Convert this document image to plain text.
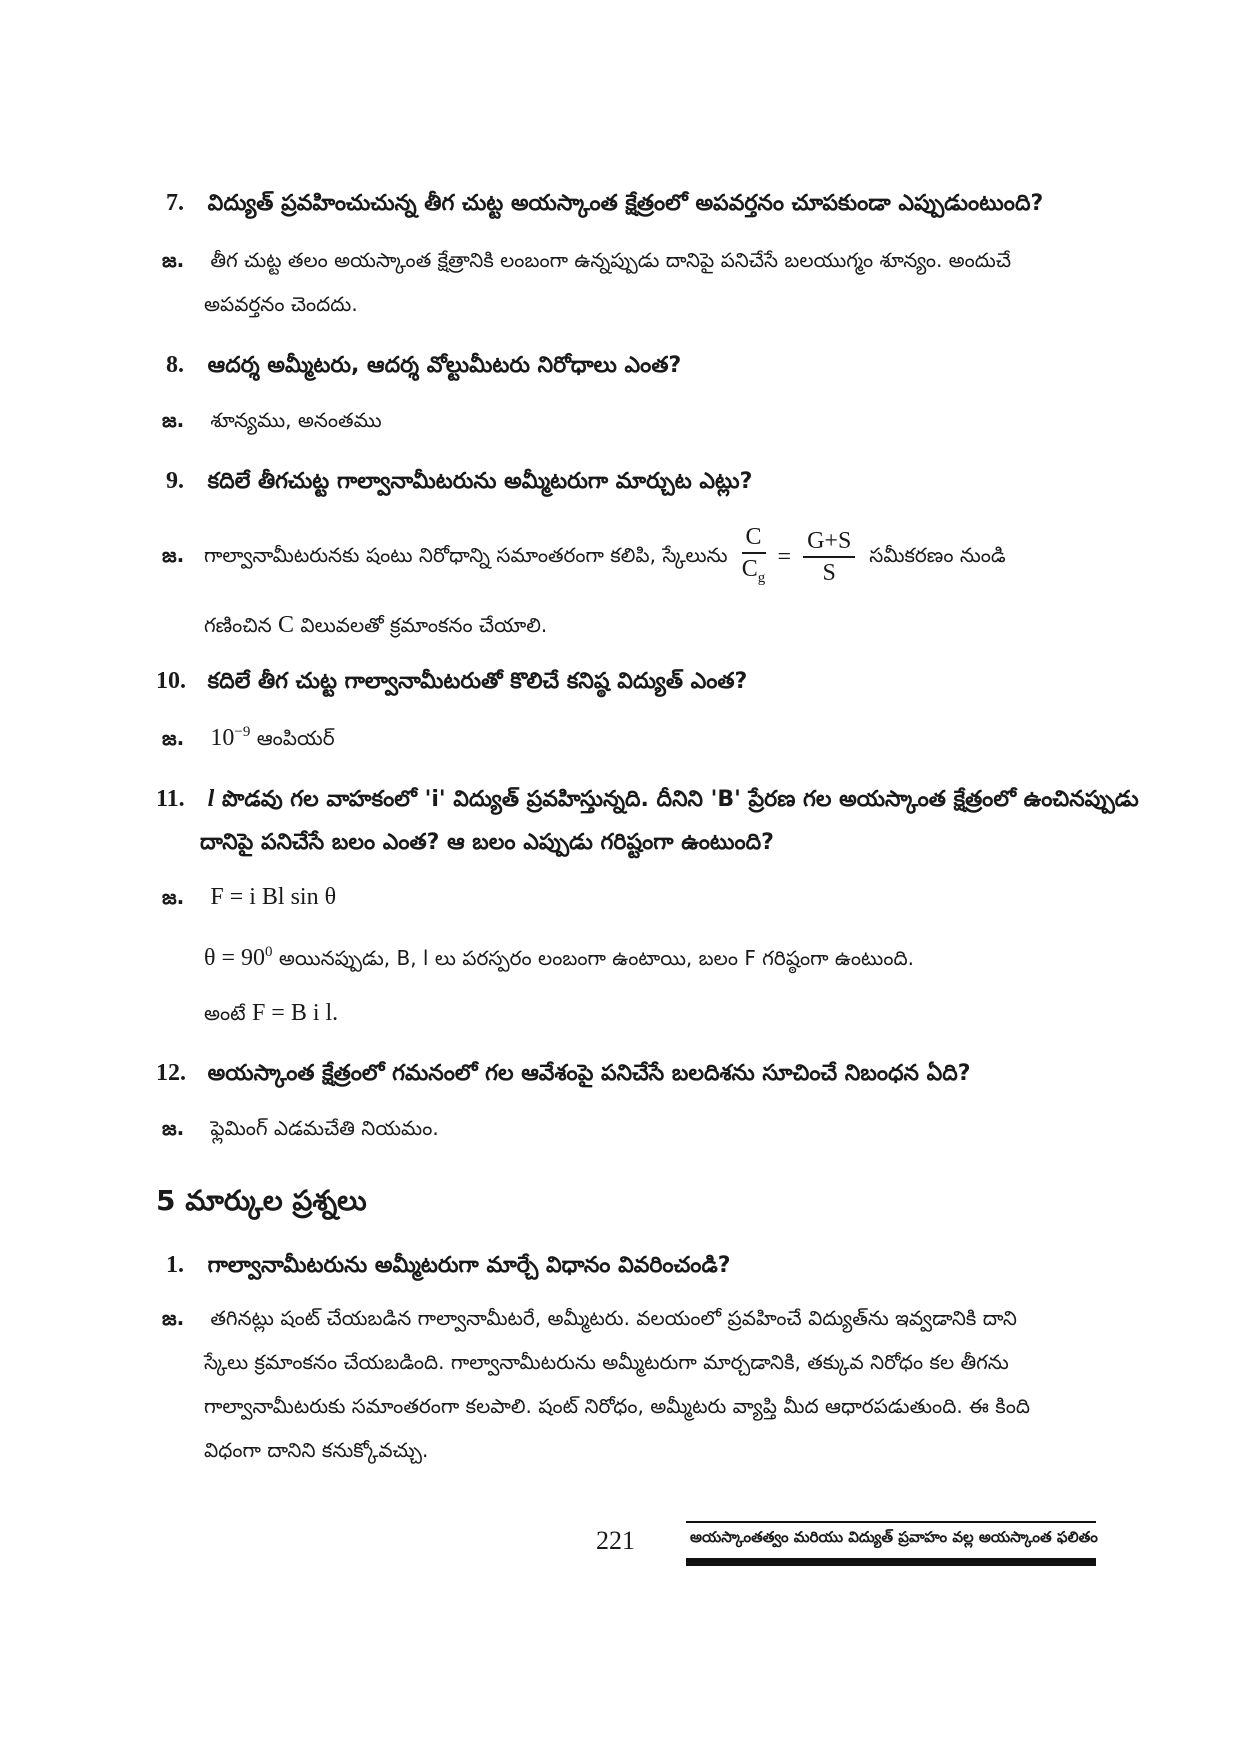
7. విద్యుత్ ప్రవహించుచున్న తీగ చుట్ట అయస్కాంత క్షేత్రంలో అపవర్తనం చూపకుండా ఎప్పుడుంటుంది?
జ. తీగ చుట్ట తలం అయస్కాంత క్షేత్రానికి లంబంగా ఉన్నప్పుడు దానిపై పనిచేసే బలయుగ్మం శూన్యం. అందుచే
అపవర్తనం చెందదు.
8. ఆదర్శ అమ్మీటరు, ఆదర్శ వోల్టుమీటరు నిరోధాలు ఎంత?
జ. శూన్యము, అనంతము
9. కదిలే తీగచుట్ట గాల్వానామీటరును అమ్మీటరుగా మార్చుట ఎట్లు?
జ. గాల్వానామీటరునకు షంటు నిరోధాన్ని సమాంతరంగా కలిపి, స్కేలును $\frac{C}{C_g} = \frac{G+S}{S}$ సమీకరణం నుండి
గణించిన C విలువలతో క్రమాంకనం చేయాలి.
10. కదిలే తీగ చుట్ట గాల్వానామీటరుతో కొలిచే కనిష్ఠ విద్యుత్ ఎంత?
జ. $10^{-9}$ ఆంపియర్
11. l పొడవు గల వాహకంలో 'i' విద్యుత్ ప్రవహిస్తున్నది. దీనిని 'B' ప్రేరణ గల అయస్కాంత క్షేత్రంలో ఉంచినప్పుడు
దానిపై పనిచేసే బలం ఎంత? ఆ బలం ఎప్పుడు గరిష్టంగా ఉంటుంది?
జ. F = i Bl sin θ
$\theta = 90^0$ అయినప్పుడు, B, l లు పరస్పరం లంబంగా ఉంటాయి, బలం F గరిష్ఠంగా ఉంటుంది.
అంటే F = B i l.
12. అయస్కాంత క్షేత్రంలో గమనంలో గల ఆవేశంపై పనిచేసే బలదిశను సూచించే నిబంధన ఏది?
జ. ఫ్లెమింగ్ ఎడమచేతి నియమం.
5 మార్కుల ప్రశ్నలు
1. గాల్వానామీటరును అమ్మీటరుగా మార్చే విధానం వివరించండి?
జ. తగినట్లు షంట్ చేయబడిన గాల్వానామీటరే, అమ్మీటరు. వలయంలో ప్రవహించే విద్యుత్‌ను ఇవ్వడానికి దాని
స్కేలు క్రమాంకనం చేయబడింది. గాల్వానామీటరును అమ్మీటరుగా మార్చడానికి, తక్కువ నిరోధం కల తీగను
గాల్వానామీటరుకు సమాంతరంగా కలపాలి. షంట్ నిరోధం, అమ్మీటరు వ్యాప్తి మీద ఆధారపడుతుంది. ఈ కింది
విధంగా దానిని కనుక్కోవచ్చు.
221	అయస్కాంతత్వం మరియు విద్యుత్ ప్రవాహం వల్ల అయస్కాంత ఫలితం
